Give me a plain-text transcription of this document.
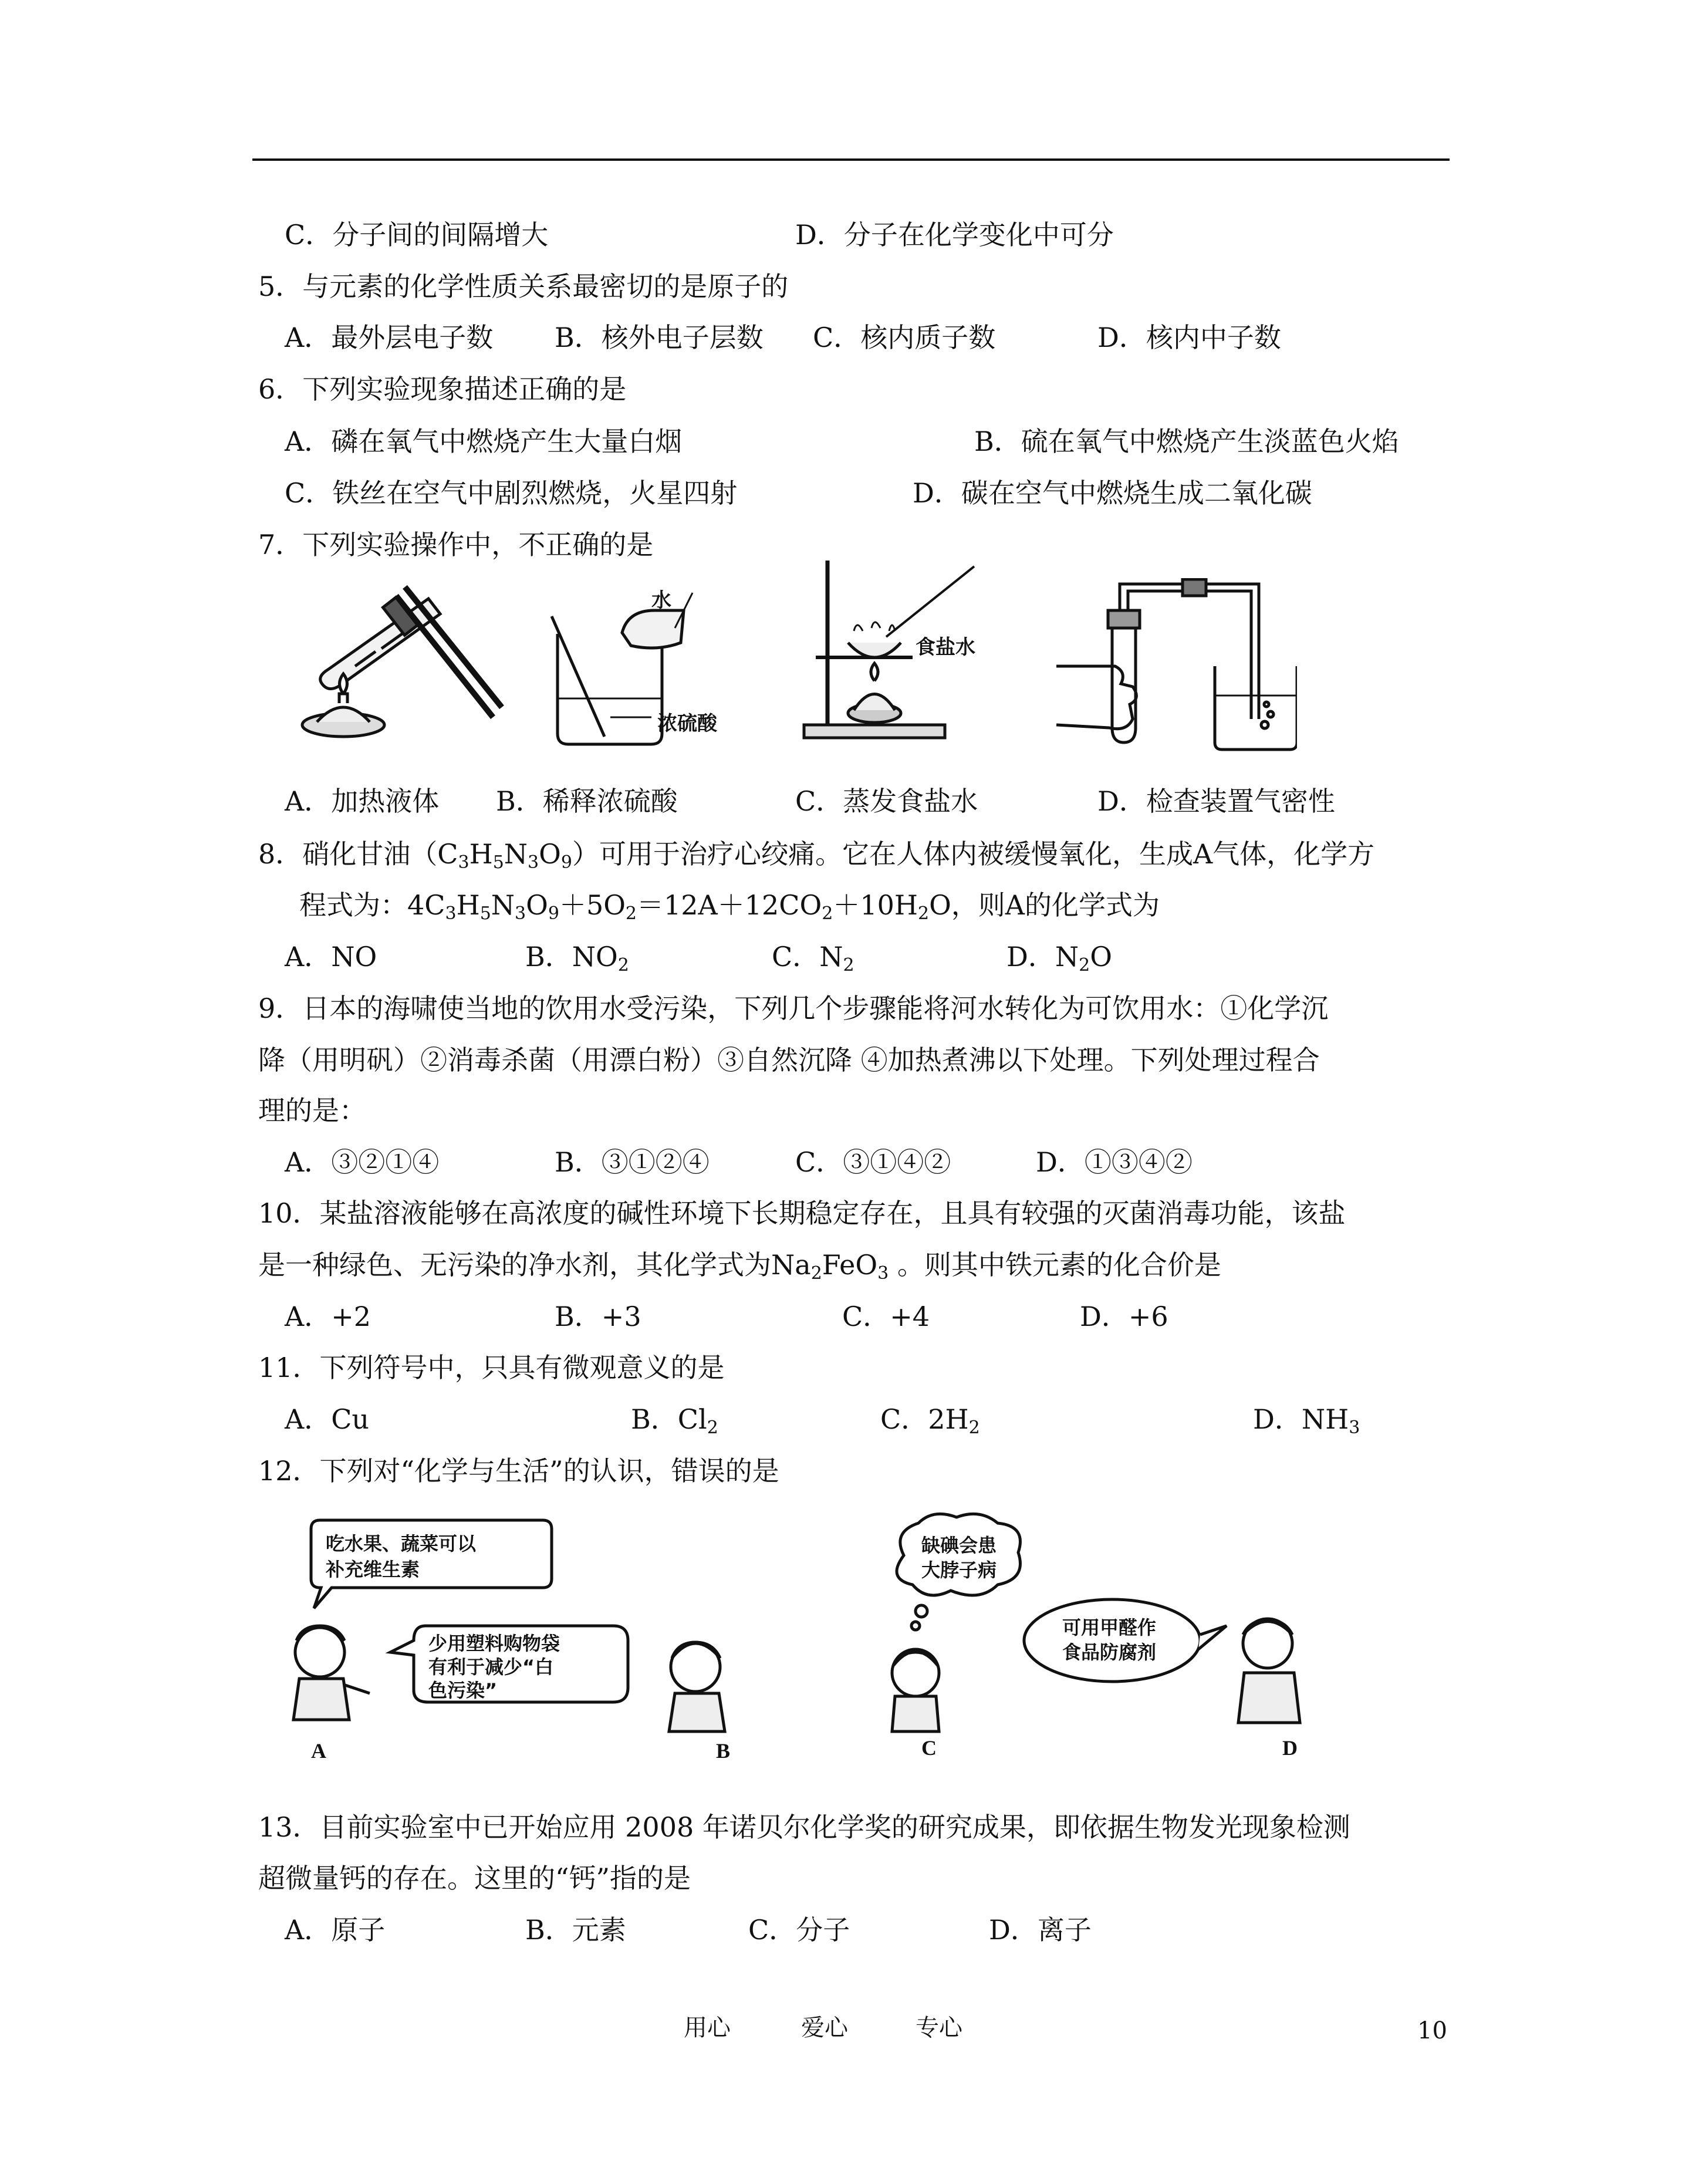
C．分子间的间隔增大	D．分子在化学变化中可分
5．与元素的化学性质关系最密切的是原子的
A．最外层电子数 B．核外电子层数 C．核内质子数	D．核内中子数
6．下列实验现象描述正确的是
A．磷在氧气中燃烧产生大量白烟	B．硫在氧气中燃烧产生淡蓝色火焰
C．铁丝在空气中剧烈燃烧，火星四射	D．碳在空气中燃烧生成二氧化碳
7．下列实验操作中，不正确的是
水
浓硫酸
食盐水
A．加热液体 B．稀释浓硫酸	C．蒸发食盐水	D．检查装置气密性
8．硝化甘油$(C_3H_5N_3O_9)$可用于治疗心绞痛。它在人体内被缓慢氧化，生成A气体，化学方
程式为：$4C_3H_5N_3O_9+5O_2=12A+12CO_2+10H_2O$，则A的化学式为
A．NO	B．$NO_2$	C．$N_2$	D．$N_2O$
9．日本的海啸使当地的饮用水受污染，下列几个步骤能将河水转化为可饮用水：①化学沉
降（用明矾）②消毒杀菌（用漂白粉）③自然沉降 ④加热煮沸以下处理。下列处理过程合
理的是：
A．③②①④	B．③①②④	C．③①④②	D．①③④②
10．某盐溶液能够在高浓度的碱性环境下长期稳定存在，且具有较强的灭菌消毒功能，该盐
是一种绿色、无污染的净水剂，其化学式为$Na_2FeO_3$ 。则其中铁元素的化合价是
A．+2	B．+3	C．+4	D．+6
11．下列符号中，只具有微观意义的是
A．Cu	B．$Cl_2$	C．$2H_2$	D．$NH_3$
12．下列对“化学与生活”的认识，错误的是
A	B
吃水果、蔬菜可以
补充维生素
少用塑料购物袋
有利于减少“白
色污染”
C	D
缺碘会患
大脖子病
可用甲醛作
食品防腐剂
13．目前实验室中已开始应用 2008 年诺贝尔化学奖的研究成果，即依据生物发光现象检测
超微量钙的存在。这里的“钙”指的是
A．原子	B．元素	C．分子	D．离子
用心	爱心	专心	10
